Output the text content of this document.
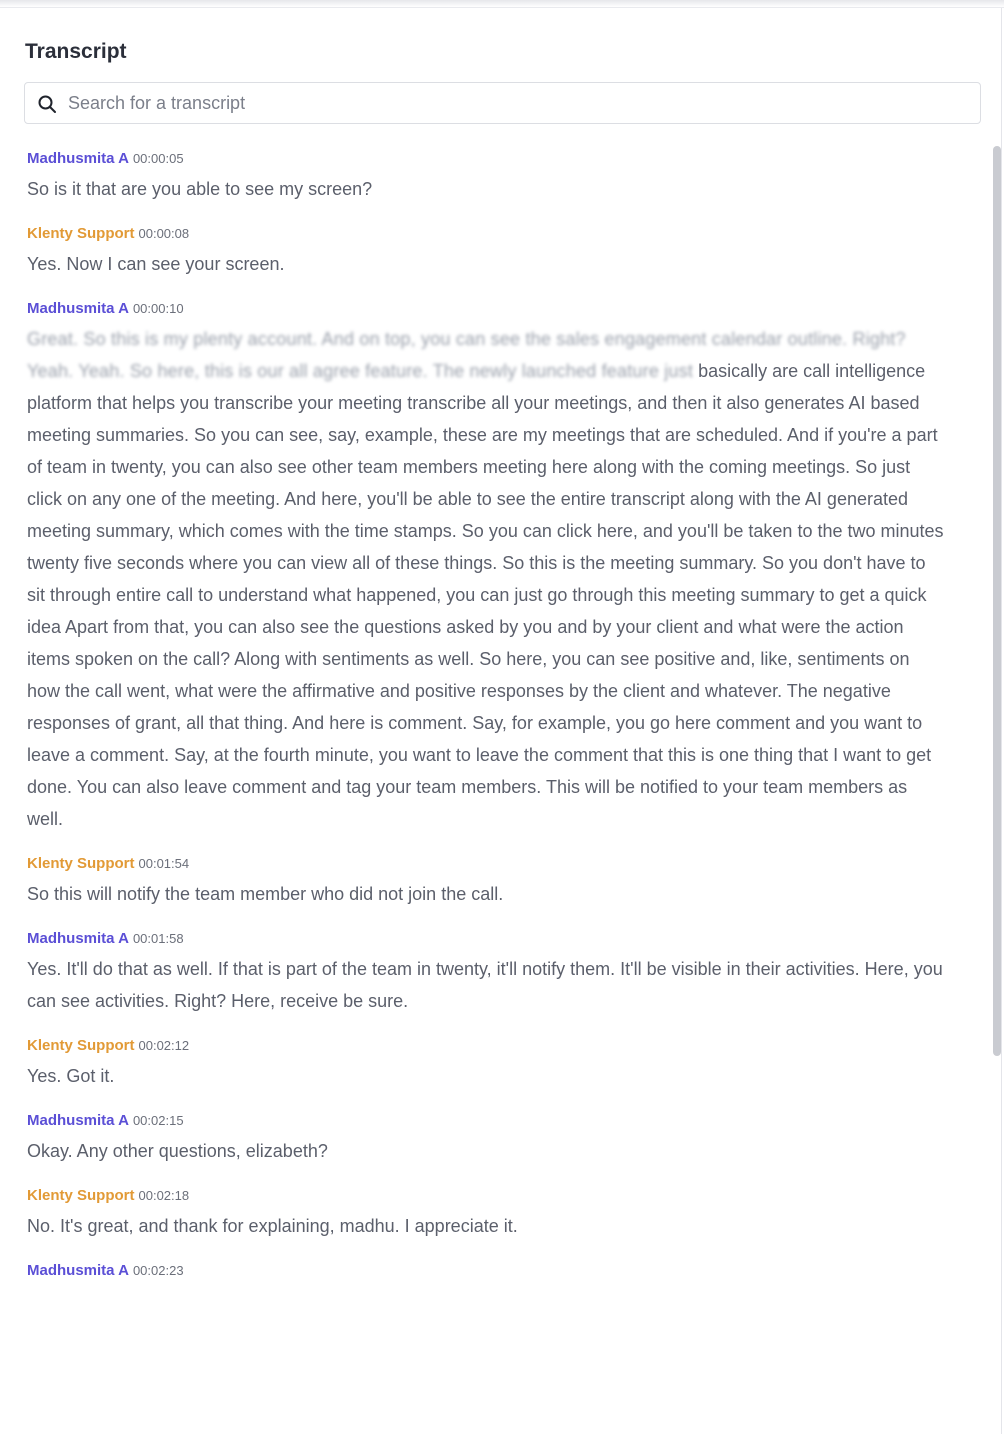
Transcript
Search for a transcript
Madhusmita A 00:00:05
So is it that are you able to see my screen?
Klenty Support 00:00:08
Yes. Now I can see your screen.
Madhusmita A 00:00:10
Great. So this is my plenty account. And on top, you can see the sales engagement calendar outline. Right? Yeah. Yeah. So here, this is our all agree feature. The newly launched feature just basically are call intelligence platform that helps you transcribe your meeting transcribe all your meetings, and then it also generates AI based meeting summaries. So you can see, say, example, these are my meetings that are scheduled. And if you're a part of team in twenty, you can also see other team members meeting here along with the coming meetings. So just click on any one of the meeting. And here, you'll be able to see the entire transcript along with the AI generated meeting summary, which comes with the time stamps. So you can click here, and you'll be taken to the two minutes twenty five seconds where you can view all of these things. So this is the meeting summary. So you don't have to sit through entire call to understand what happened, you can just go through this meeting summary to get a quick idea Apart from that, you can also see the questions asked by you and by your client and what were the action items spoken on the call? Along with sentiments as well. So here, you can see positive and, like, sentiments on how the call went, what were the affirmative and positive responses by the client and whatever. The negative responses of grant, all that thing. And here is comment. Say, for example, you go here comment and you want to leave a comment. Say, at the fourth minute, you want to leave the comment that this is one thing that I want to get done. You can also leave comment and tag your team members. This will be notified to your team members as well.
Klenty Support 00:01:54
So this will notify the team member who did not join the call.
Madhusmita A 00:01:58
Yes. It'll do that as well. If that is part of the team in twenty, it'll notify them. It'll be visible in their activities. Here, you can see activities. Right? Here, receive be sure.
Klenty Support 00:02:12
Yes. Got it.
Madhusmita A 00:02:15
Okay. Any other questions, elizabeth?
Klenty Support 00:02:18
No. It's great, and thank for explaining, madhu. I appreciate it.
Madhusmita A 00:02:23
